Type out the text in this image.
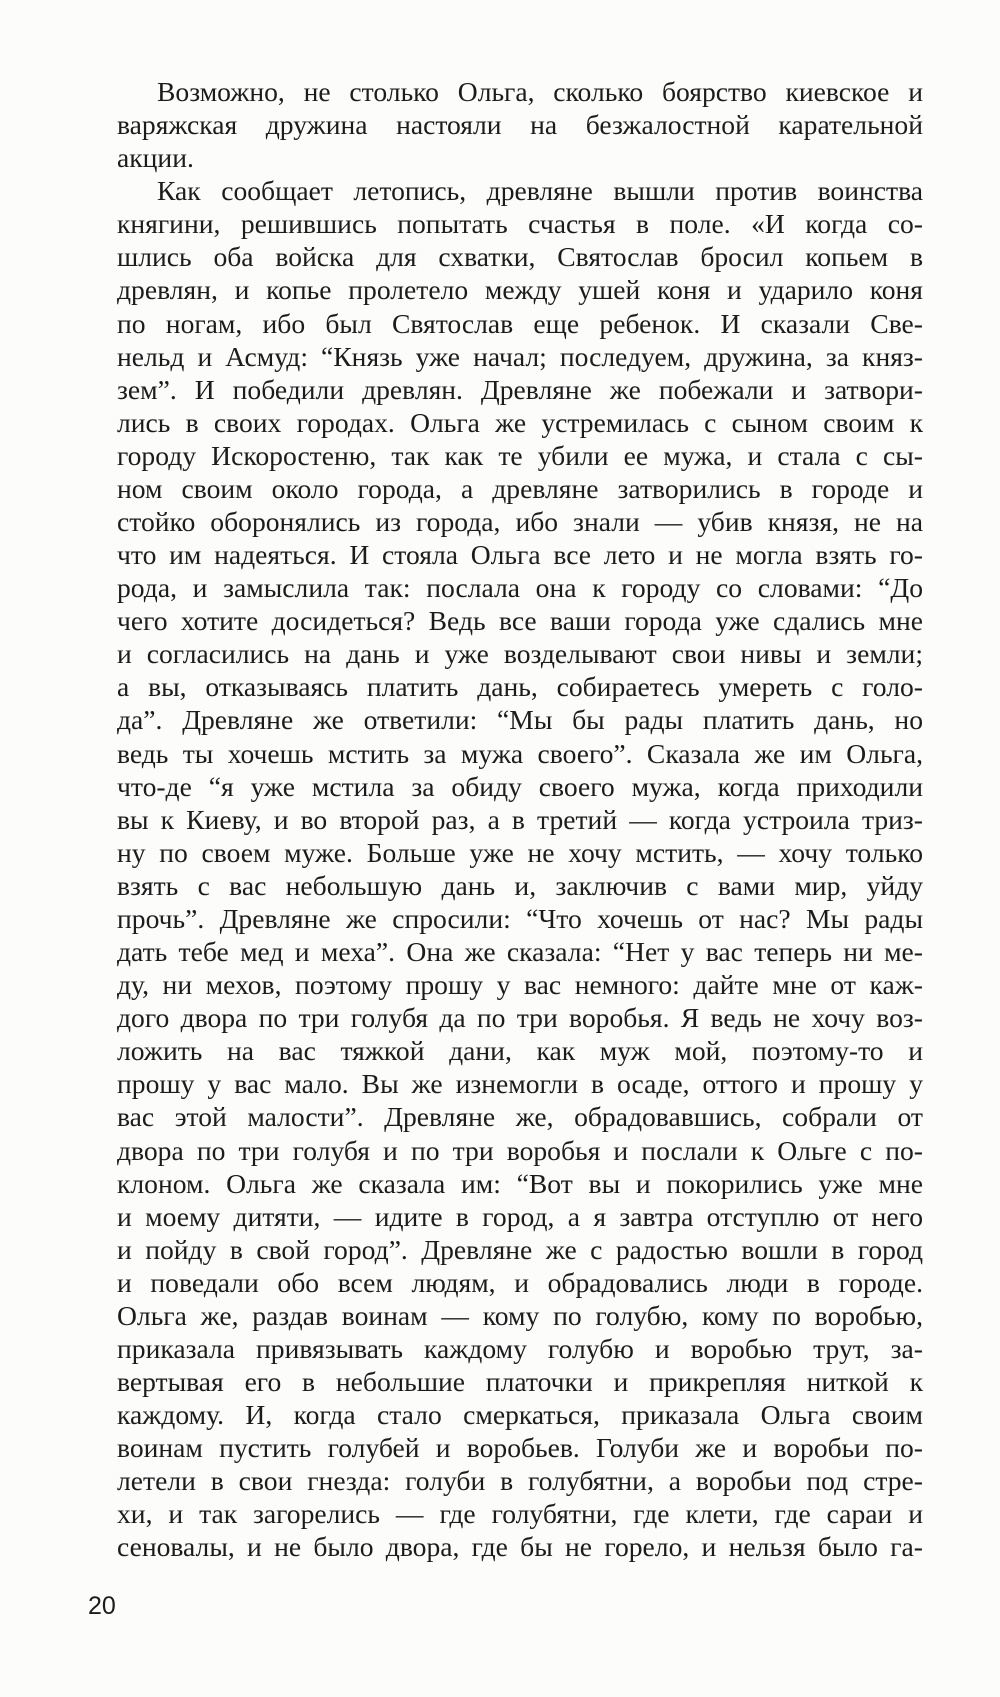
Возможно, не столько Ольга, сколько боярство киевское и
варяжская дружина настояли на безжалостной карательной
акции.
Как сообщает летопись, древляне вышли против воинства
княгини, решившись попытать счастья в поле. «И когда со-
шлись оба войска для схватки, Святослав бросил копьем в
древлян, и копье пролетело между ушей коня и ударило коня
по ногам, ибо был Святослав еще ребенок. И сказали Све-
нельд и Асмуд: “Князь уже начал; последуем, дружина, за княз-
зем”. И победили древлян. Древляне же побежали и затвори-
лись в своих городах. Ольга же устремилась с сыном своим к
городу Искоростеню, так как те убили ее мужа, и стала с сы-
ном своим около города, а древляне затворились в городе и
стойко оборонялись из города, ибо знали — убив князя, не на
что им надеяться. И стояла Ольга все лето и не могла взять го-
рода, и замыслила так: послала она к городу со словами: “До
чего хотите досидеться? Ведь все ваши города уже сдались мне
и согласились на дань и уже возделывают свои нивы и земли;
а вы, отказываясь платить дань, собираетесь умереть с голо-
да”. Древляне же ответили: “Мы бы рады платить дань, но
ведь ты хочешь мстить за мужа своего”. Сказала же им Ольга,
что-де “я уже мстила за обиду своего мужа, когда приходили
вы к Киеву, и во второй раз, а в третий — когда устроила триз-
ну по своем муже. Больше уже не хочу мстить, — хочу только
взять с вас небольшую дань и, заключив с вами мир, уйду
прочь”. Древляне же спросили: “Что хочешь от нас? Мы рады
дать тебе мед и меха”. Она же сказала: “Нет у вас теперь ни ме-
ду, ни мехов, поэтому прошу у вас немного: дайте мне от каж-
дого двора по три голубя да по три воробья. Я ведь не хочу воз-
ложить на вас тяжкой дани, как муж мой, поэтому-то и
прошу у вас мало. Вы же изнемогли в осаде, оттого и прошу у
вас этой малости”. Древляне же, обрадовавшись, собрали от
двора по три голубя и по три воробья и послали к Ольге с по-
клоном. Ольга же сказала им: “Вот вы и покорились уже мне
и моему дитяти, — идите в город, а я завтра отступлю от него
и пойду в свой город”. Древляне же с радостью вошли в город
и поведали обо всем людям, и обрадовались люди в городе.
Ольга же, раздав воинам — кому по голубю, кому по воробью,
приказала привязывать каждому голубю и воробью трут, за-
вертывая его в небольшие платочки и прикрепляя ниткой к
каждому. И, когда стало смеркаться, приказала Ольга своим
воинам пустить голубей и воробьев. Голуби же и воробьи по-
летели в свои гнезда: голуби в голубятни, а воробьи под стре-
хи, и так загорелись — где голубятни, где клети, где сараи и
сеновалы, и не было двора, где бы не горело, и нельзя было га-
20
